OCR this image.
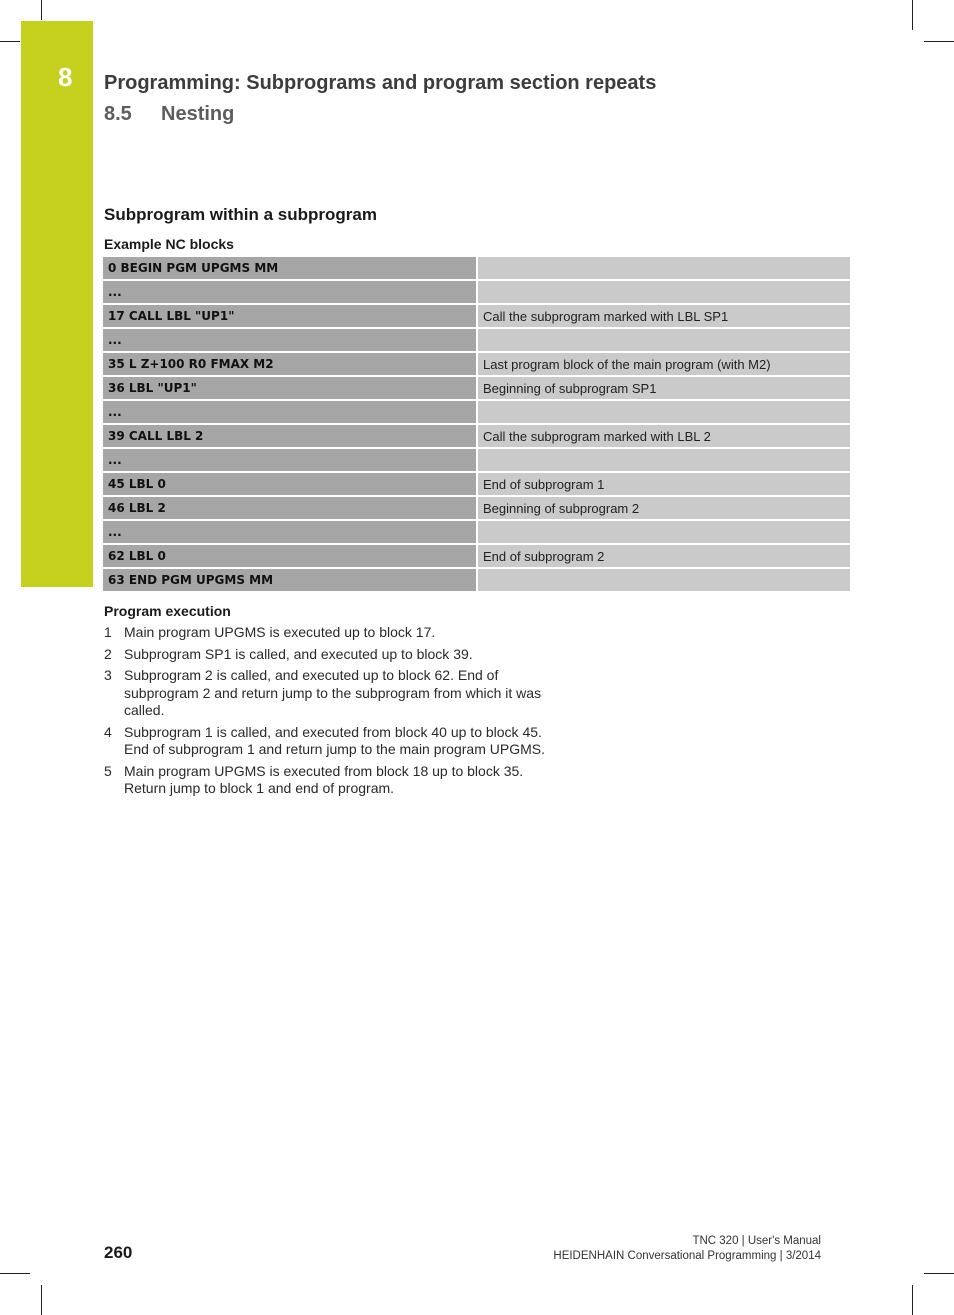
8 Programming: Subprograms and program section repeats
8.5 Nesting
Subprogram within a subprogram
Example NC blocks
0 BEGIN PGM UPGMS MM	
...	
17 CALL LBL "UP1"	Call the subprogram marked with LBL SP1
...	
35 L Z+100 R0 FMAX M2	Last program block of the main program (with M2)
36 LBL "UP1"	Beginning of subprogram SP1
...	
39 CALL LBL 2	Call the subprogram marked with LBL 2
...	
45 LBL 0	End of subprogram 1
46 LBL 2	Beginning of subprogram 2
...	
62 LBL 0	End of subprogram 2
63 END PGM UPGMS MM	
Program execution
1 Main program UPGMS is executed up to block 17.
2 Subprogram SP1 is called, and executed up to block 39.
3 Subprogram 2 is called, and executed up to block 62. End of subprogram 2 and return jump to the subprogram from which it was called.
4 Subprogram 1 is called, and executed from block 40 up to block 45. End of subprogram 1 and return jump to the main program UPGMS.
5 Main program UPGMS is executed from block 18 up to block 35. Return jump to block 1 and end of program.
260
TNC 320 | User's Manual
HEIDENHAIN Conversational Programming | 3/2014
